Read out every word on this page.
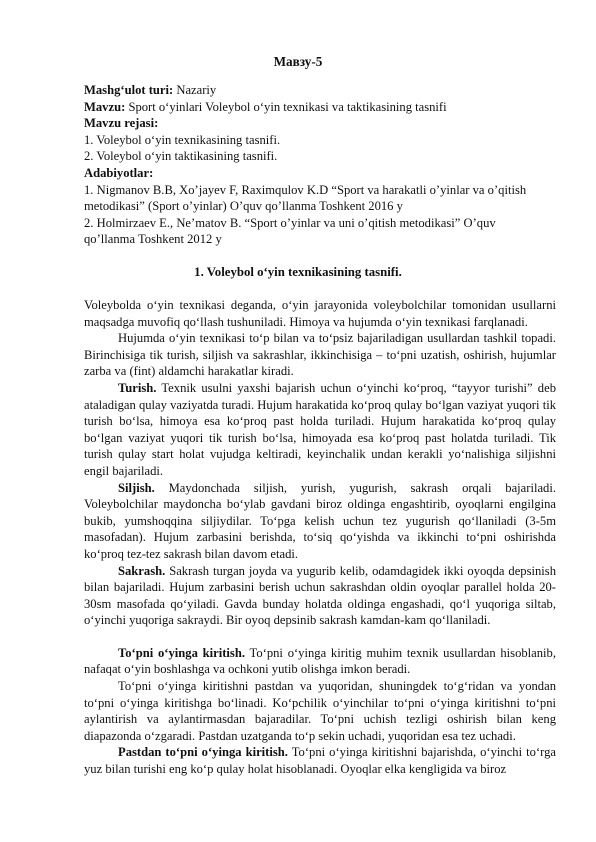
Мавзу-5
Mashg‘ulot turi: Nazariy
Mavzu: Sport o‘yinlari Voleybol o‘yin texnikasi va taktikasining tasnifi
Mavzu rejasi:
1. Voleybol o‘yin texnikasining tasnifi.
2. Voleybol o‘yin taktikasining tasnifi.
Adabiyotlar:
1. Nigmanov B.B, Xo’jayev F, Raximqulov K.D “Sport va harakatli o’yinlar va o’qitish
metodikasi” (Sport o’yinlar) O’quv qo’llanma Toshkent 2016 y
2. Holmirzaev E., Ne’matov B. “Sport o’yinlar va uni o’qitish metodikasi” O’quv
qo’llanma Toshkent 2012 y
1. Voleybol o‘yin texnikasining tasnifi.

Voleybolda o‘yin texnikasi deganda, o‘yin jarayonida voleybolchilar tomonidan usullarni maqsadga muvofiq qo‘llash tushuniladi. Himoya va hujumda o‘yin texnikasi farqlanadi.

Hujumda o‘yin texnikasi to‘p bilan va to‘psiz bajariladigan usullardan tashkil topadi. Birinchisiga tik turish, siljish va sakrashlar, ikkinchisiga – to‘pni uzatish, oshirish, hujumlar zarba va (fint) aldamchi harakatlar kiradi.

Turish. Texnik usulni yaxshi bajarish uchun o‘yinchi ko‘proq, “tayyor turishi” deb ataladigan qulay vaziyatda turadi. Hujum harakatida ko‘proq qulay bo‘lgan vaziyat yuqori tik turish bo‘lsa, himoya esa ko‘proq past holda turiladi. Hujum harakatida ko‘proq qulay bo‘lgan vaziyat yuqori tik turish bo‘lsa, himoyada esa ko‘proq past holatda turiladi. Tik turish qulay start holat vujudga keltiradi, keyinchalik undan kerakli yo‘nalishiga siljishni engil bajariladi.

Siljish. Maydonchada siljish, yurish, yugurish, sakrash orqali bajariladi. Voleybolchilar maydoncha bo‘ylab gavdani biroz oldinga engashtirib, oyoqlarni engilgina bukib, yumshoqqina siljiydilar. To‘pga kelish uchun tez yugurish qo‘llaniladi (3-5m masofadan). Hujum zarbasini berishda, to‘siq qo‘yishda va ikkinchi to‘pni oshirishda ko‘proq tez-tez sakrash bilan davom etadi.

Sakrash. Sakrash turgan joyda va yugurib kelib, odamdagidek ikki oyoqda depsinish bilan bajariladi. Hujum zarbasini berish uchun sakrashdan oldin oyoqlar parallel holda 20-30sm masofada qo‘yiladi. Gavda bunday holatda oldinga engashadi, qo‘l yuqoriga siltab, o‘yinchi yuqoriga sakraydi. Bir oyoq depsinib sakrash kamdan-kam qo‘llaniladi.

To‘pni o‘yinga kiritish. To‘pni o‘yinga kiritig muhim texnik usullardan hisoblanib, nafaqat o‘yin boshlashga va ochkoni yutib olishga imkon beradi.

To‘pni o‘yinga kiritishni pastdan va yuqoridan, shuningdek to‘g‘ridan va yondan to‘pni o‘yinga kiritishga bo‘linadi. Ko‘pchilik o‘yinchilar to‘pni o‘yinga kiritishni to‘pni aylantirish va aylantirmasdan bajaradilar. To‘pni uchish tezligi oshirish bilan keng diapazonda o‘zgaradi. Pastdan uzatganda to‘p sekin uchadi, yuqoridan esa tez uchadi.

Pastdan to‘pni o‘yinga kiritish. To‘pni o‘yinga kiritishni bajarishda, o‘yinchi to‘rga yuz bilan turishi eng ko‘p qulay holat hisoblanadi. Oyoqlar elka kengligida va biroz
